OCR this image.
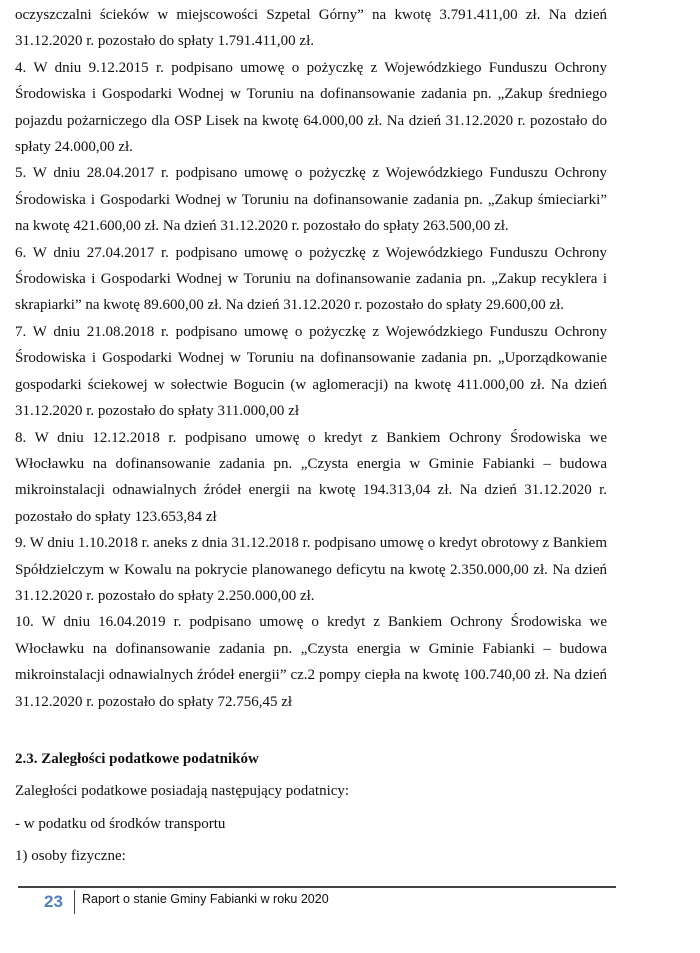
oczyszczalni ścieków w miejscowości Szpetal Górny” na kwotę 3.791.411,00 zł. Na dzień 31.12.2020 r. pozostało do spłaty 1.791.411,00 zł.

4. W dniu 9.12.2015 r. podpisano umowę o pożyczkę z Wojewódzkiego Funduszu Ochrony Środowiska i Gospodarki Wodnej w Toruniu na dofinansowanie zadania pn. „Zakup średniego pojazdu pożarniczego dla OSP Lisek na kwotę 64.000,00 zł. Na dzień 31.12.2020 r. pozostało do spłaty 24.000,00 zł.

5. W dniu 28.04.2017 r. podpisano umowę o pożyczkę z Wojewódzkiego Funduszu Ochrony Środowiska i Gospodarki Wodnej w Toruniu na dofinansowanie zadania pn. „Zakup śmieciarki” na kwotę 421.600,00 zł. Na dzień 31.12.2020 r. pozostało do spłaty 263.500,00 zł.

6. W dniu 27.04.2017 r. podpisano umowę o pożyczkę z Wojewódzkiego Funduszu Ochrony Środowiska i Gospodarki Wodnej w Toruniu na dofinansowanie zadania pn. „Zakup recyklera i skrapiarki” na kwotę 89.600,00 zł. Na dzień 31.12.2020 r. pozostało do spłaty 29.600,00 zł.

7. W dniu 21.08.2018 r. podpisano umowę o pożyczkę z Wojewódzkiego Funduszu Ochrony Środowiska i Gospodarki Wodnej w Toruniu na dofinansowanie zadania pn. „Uporządkowanie gospodarki ściekowej w sołectwie Bogucin (w aglomeracji) na kwotę 411.000,00 zł. Na dzień 31.12.2020 r. pozostało do spłaty 311.000,00 zł

8. W dniu 12.12.2018 r. podpisano umowę o kredyt z Bankiem Ochrony Środowiska we Włocławku na dofinansowanie zadania pn. „Czysta energia w Gminie Fabianki – budowa mikroinstalacji odnawialnych źródeł energii na kwotę 194.313,04 zł. Na dzień 31.12.2020 r. pozostało do spłaty 123.653,84 zł

9. W dniu 1.10.2018 r. aneks z dnia 31.12.2018 r. podpisano umowę o kredyt obrotowy z Bankiem Spółdzielczym w Kowalu na pokrycie planowanego deficytu na kwotę 2.350.000,00 zł. Na dzień 31.12.2020 r. pozostało do spłaty 2.250.000,00 zł.

10. W dniu 16.04.2019 r. podpisano umowę o kredyt z Bankiem Ochrony Środowiska we Włocławku na dofinansowanie zadania pn. „Czysta energia w Gminie Fabianki – budowa mikroinstalacji odnawialnych źródeł energii” cz.2 pompy ciepła na kwotę 100.740,00 zł. Na dzień 31.12.2020 r. pozostało do spłaty 72.756,45 zł

2.3. Zaległości podatkowe podatników

Zaległości podatkowe posiadają następujący podatnicy:

- w podatku od środków transportu

1) osoby fizyczne:

23 Raport o stanie Gminy Fabianki w roku 2020
